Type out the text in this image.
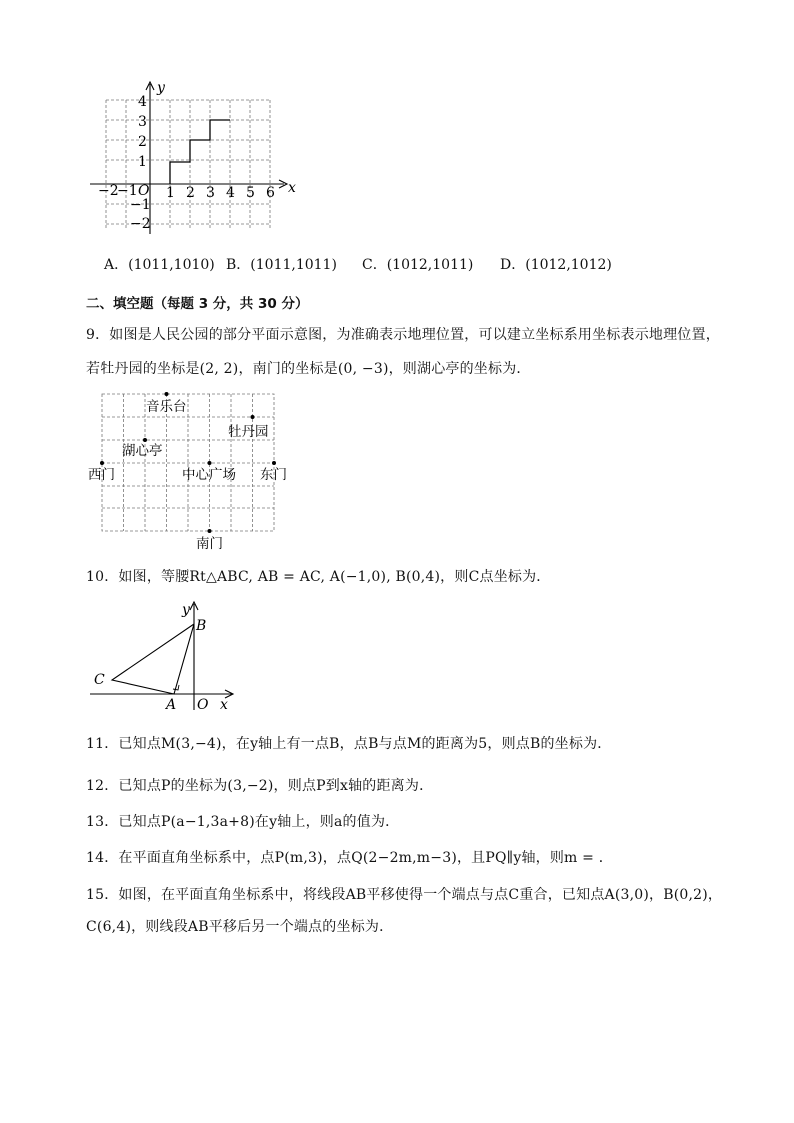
y
x
O
−2
−1 1 2 3 4 5 6
4
3
2
1
−1
−2
A．(1011,1010) B．(1011,1011) C．(1012,1011) D．(1012,1012)
二、填空题（每题 3 分，共 30 分）
9．如图是人民公园的部分平面示意图，为准确表示地理位置，可以建立坐标系用坐标表示地理位置，
若牡丹园的坐标是(2, 2)，南门的坐标是(0, −3)，则湖心亭的坐标为．
音乐台
牡丹园
湖心亭
西门	中心广场 东门
南门
10．如图，等腰Rt△ABC, AB = AC, A(−1,0), B(0,4)，则C点坐标为．
y
x
B
C
A O
11．已知点M(3,−4)，在y轴上有一点B，点B与点M的距离为5，则点B的坐标为．
12．已知点P的坐标为(3,−2)，则点P到x轴的距离为．
13．已知点P(a−1,3a+8)在y轴上，则a的值为．
14．在平面直角坐标系中，点P(m,3)，点Q(2−2m,m−3)，且PQ∥y轴，则m = ．
15．如图，在平面直角坐标系中，将线段AB平移使得一个端点与点C重合，已知点A(3,0)，B(0,2)，
C(6,4)，则线段AB平移后另一个端点的坐标为．
